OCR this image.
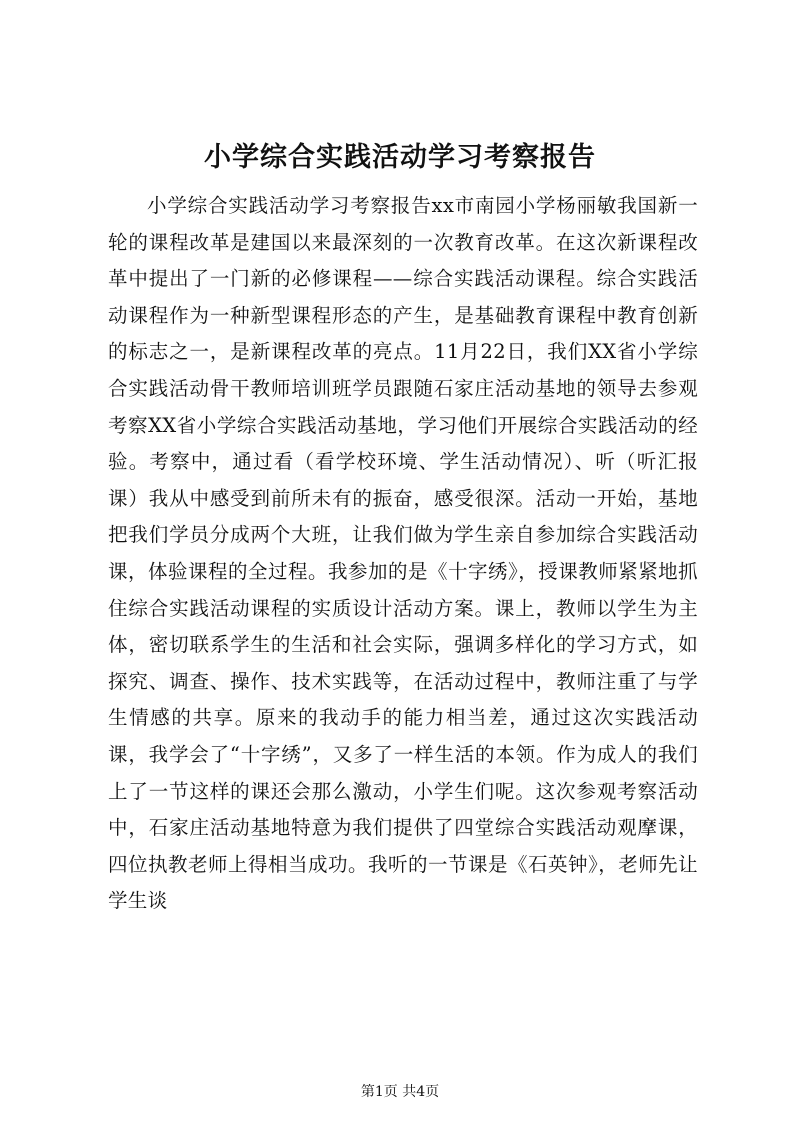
小学综合实践活动学习考察报告

小学综合实践活动学习考察报告xx市南园小学杨丽敏我国新一轮的课程改革是建国以来最深刻的一次教育改革。在这次新课程改革中提出了一门新的必修课程——综合实践活动课程。综合实践活动课程作为一种新型课程形态的产生，是基础教育课程中教育创新的标志之一，是新课程改革的亮点。11月22日，我们XX省小学综合实践活动骨干教师培训班学员跟随石家庄活动基地的领导去参观考察XX省小学综合实践活动基地，学习他们开展综合实践活动的经验。考察中，通过看（看学校环境、学生活动情况）、听（听汇报课）我从中感受到前所未有的振奋，感受很深。活动一开始，基地把我们学员分成两个大班，让我们做为学生亲自参加综合实践活动课，体验课程的全过程。我参加的是《十字绣》，授课教师紧紧地抓住综合实践活动课程的实质设计活动方案。课上，教师以学生为主体，密切联系学生的生活和社会实际，强调多样化的学习方式，如探究、调查、操作、技术实践等，在活动过程中，教师注重了与学生情感的共享。原来的我动手的能力相当差，通过这次实践活动课，我学会了“十字绣”，又多了一样生活的本领。作为成人的我们上了一节这样的课还会那么激动，小学生们呢。这次参观考察活动中，石家庄活动基地特意为我们提供了四堂综合实践活动观摩课，四位执教老师上得相当成功。我听的一节课是《石英钟》，老师先让学生谈

第1页 共4页
